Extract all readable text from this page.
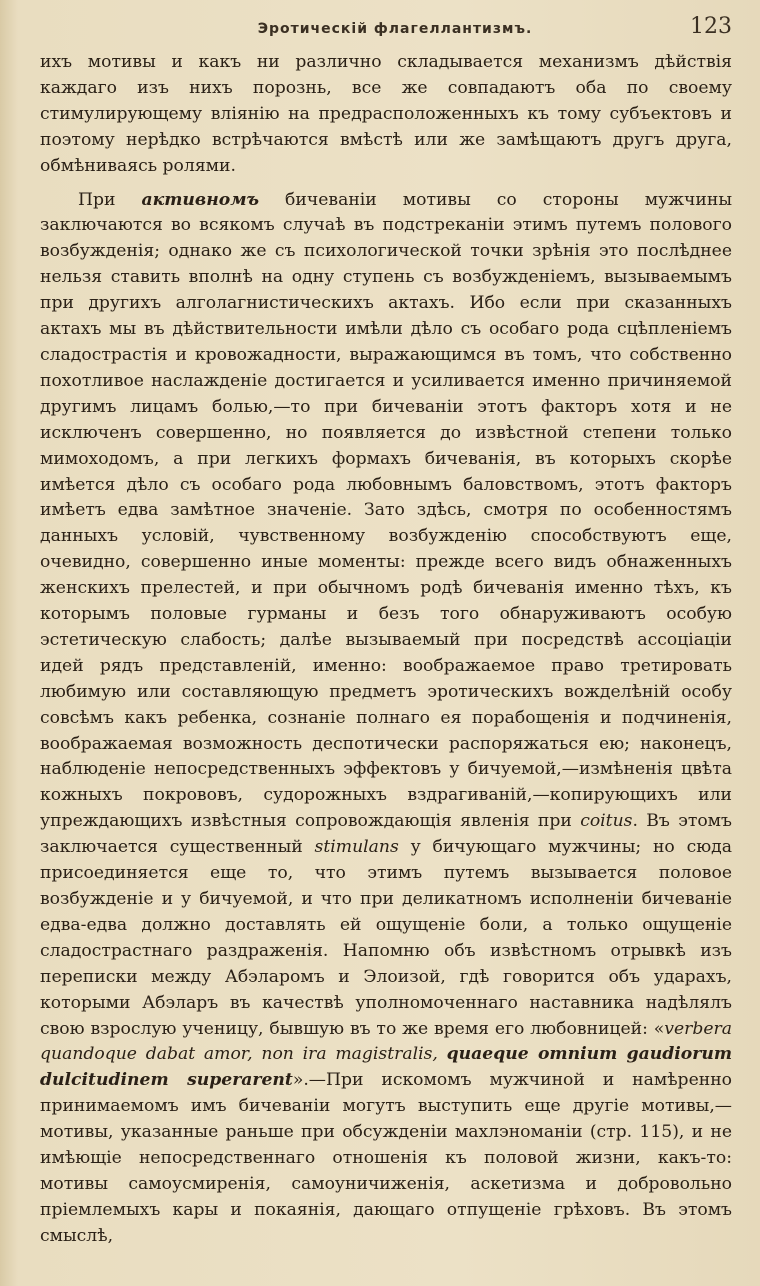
Эротическій флагеллантизмъ.	123

ихъ мотивы и какъ ни различно складывается механизмъ дѣйствія каждаго изъ нихъ порознь, все же совпадаютъ оба по своему стимулирующему вліянію на предрасположенныхъ къ тому субъектовъ и поэтому нерѣдко встрѣчаются вмѣстѣ или же замѣщаютъ другъ друга, обмѣниваясь ролями.

При активномъ бичеваніи мотивы со стороны мужчины заключаются во всякомъ случаѣ въ подстреканіи этимъ путемъ полового возбужденія; однако же съ психологической точки зрѣнія это послѣднее нельзя ставить вполнѣ на одну ступень съ возбужденіемъ, вызываемымъ при другихъ алголагнистическихъ актахъ. Ибо если при сказанныхъ актахъ мы въ дѣйствительности имѣли дѣло съ особаго рода сцѣпленіемъ сладострастія и кровожадности, выражающимся въ томъ, что собственно похотливое наслажденіе достигается и усиливается именно причиняемой другимъ лицамъ болью,—то при бичеваніи этотъ факторъ хотя и не исключенъ совершенно, но появляется до извѣстной степени только мимоходомъ, а при легкихъ формахъ бичеванія, въ которыхъ скорѣе имѣется дѣло съ особаго рода любовнымъ баловствомъ, этотъ факторъ имѣетъ едва замѣтное значеніе. Зато здѣсь, смотря по особенностямъ данныхъ условій, чувственному возбужденію способствуютъ еще, очевидно, совершенно иные моменты: прежде всего видъ обнаженныхъ женскихъ прелестей, и при обычномъ родѣ бичеванія именно тѣхъ, къ которымъ половые гурманы и безъ того обнаруживаютъ особую эстетическую слабость; далѣе вызываемый при посредствѣ ассоціаціи идей рядъ представленій, именно: воображаемое право третировать любимую или составляющую предметъ эротическихъ вожделѣній особу совсѣмъ какъ ребенка, сознаніе полнаго ея порабощенія и подчиненія, воображаемая возможность деспотически распоряжаться ею; наконецъ, наблюденіе непосредственныхъ эффектовъ у бичуемой,—измѣненія цвѣта кожныхъ покрововъ, судорожныхъ вздрагиваній,—копирующихъ или упреждающихъ извѣстныя сопровождающія явленія при coitus. Въ этомъ заключается существенный stimulans у бичующаго мужчины; но сюда присоединяется еще то, что этимъ путемъ вызывается половое возбужденіе и у бичуемой, и что при деликатномъ исполненіи бичеваніе едва-едва должно доставлять ей ощущеніе боли, а только ощущеніе сладострастнаго раздраженія. Напомню объ извѣстномъ отрывкѣ изъ переписки между Абэларомъ и Элоизой, гдѣ говорится объ ударахъ, которыми Абэларъ въ качествѣ уполномоченнаго наставника надѣлялъ свою взрослую ученицу, бывшую въ то же время его любовницей: «verbera quandoque dabat amor, non ira magistralis, quaeque omnium gaudiorum dulcitudinem superarent».—При искомомъ мужчиной и намѣренно принимаемомъ имъ бичеваніи могутъ выступить еще другіе мотивы,—мотивы, указанные раньше при обсужденіи махлэноманіи (стр. 115), и не имѣющіе непосредственнаго отношенія къ половой жизни, какъ-то: мотивы самоусмиренія, самоуничиженія, аскетизма и добровольно пріемлемыхъ кары и покаянія, дающаго отпущеніе грѣховъ. Въ этомъ смыслѣ,
